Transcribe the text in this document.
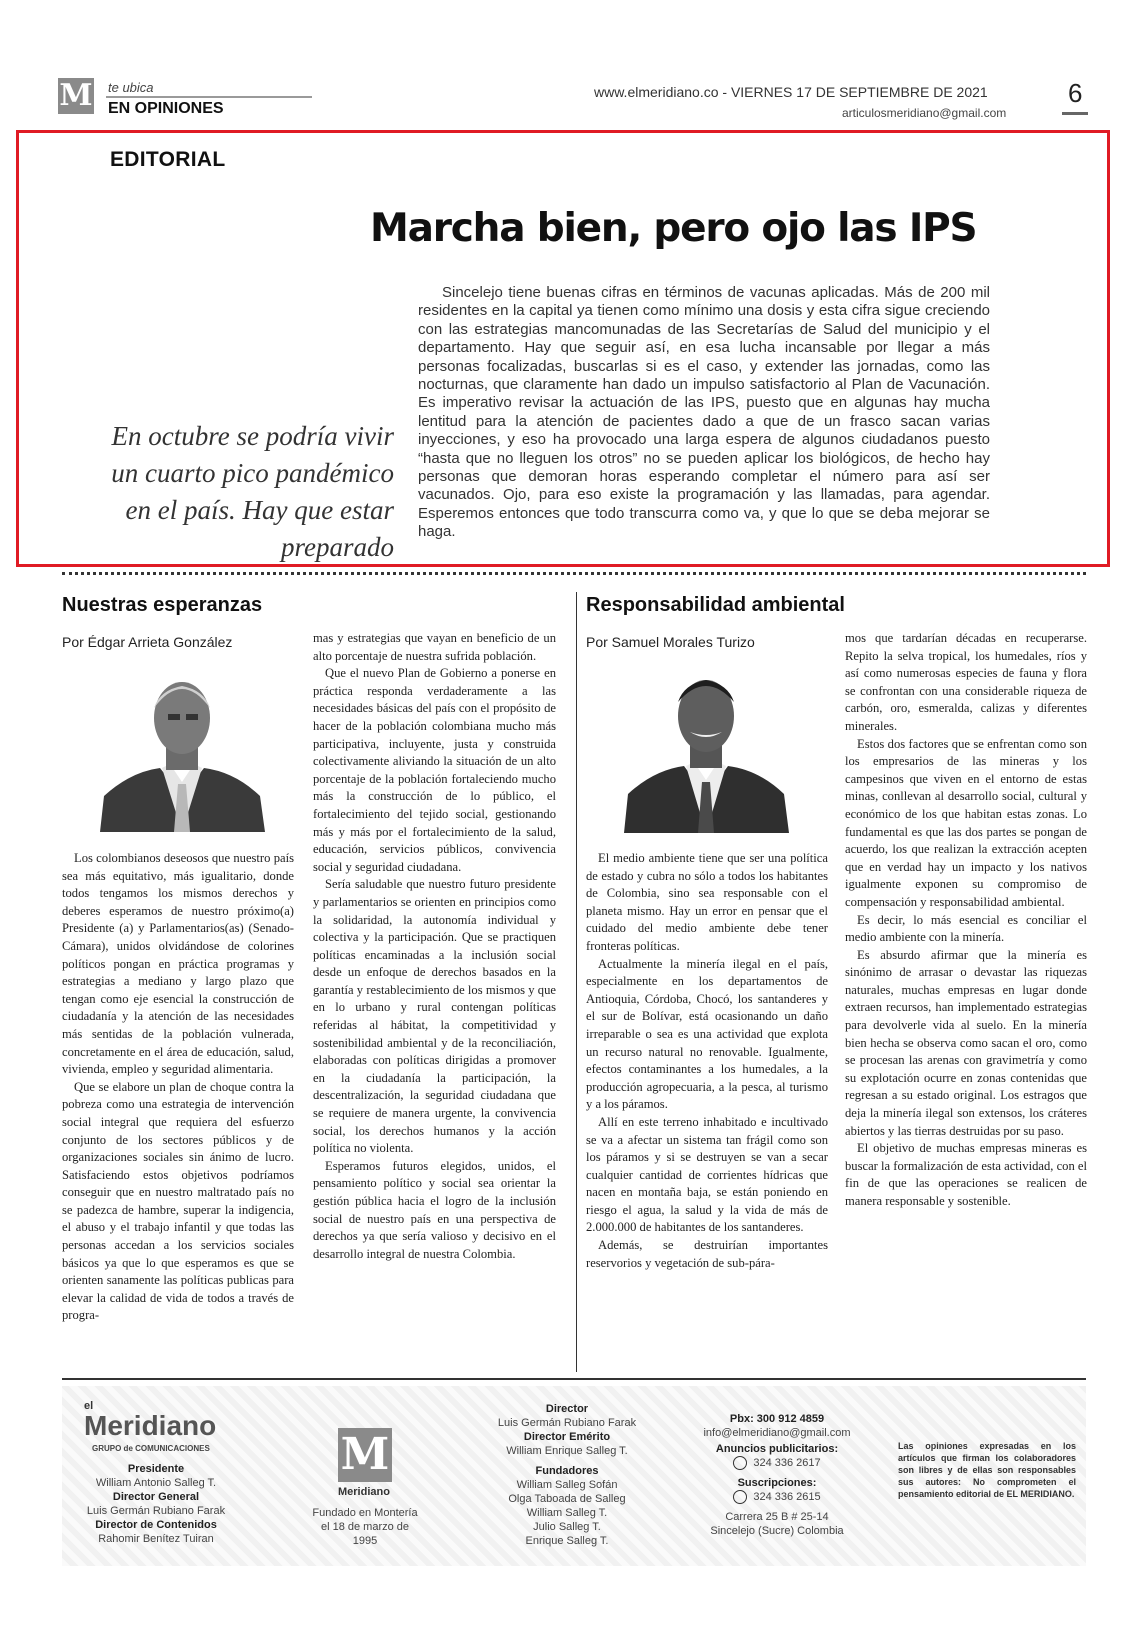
M te ubica
EN OPINIONES
www.elmeridiano.co - VIERNES 17 DE SEPTIEMBRE DE 2021
articulosmeridiano@gmail.com
6
EDITORIAL
Marcha bien, pero ojo las IPS

Sincelejo tiene buenas cifras en términos de vacunas aplicadas. Más de 200 mil residentes en la capital ya tienen como mínimo una dosis y esta cifra sigue creciendo con las estrategias mancomunadas de las Secretarías de Salud del municipio y el departamento. Hay que seguir así, en esa lucha incansable por llegar a más personas focalizadas, buscarlas si es el caso, y extender las jornadas, como las nocturnas, que claramente han dado un impulso satisfactorio al Plan de Vacunación. Es imperativo revisar la actuación de las IPS, puesto que en algunas hay mucha lentitud para la atención de pacientes dado a que de un frasco sacan varias inyecciones, y eso ha provocado una larga espera de algunos ciudadanos puesto “hasta que no lleguen los otros” no se pueden aplicar los biológicos, de hecho hay personas que demoran horas esperando completar el número para así ser vacunados. Ojo, para eso existe la programación y las llamadas, para agendar. Esperemos entonces que todo transcurra como va, y que lo que se deba mejorar se haga.

En octubre se podría vivir un cuarto pico pandémico en el país. Hay que estar preparado

Nuestras esperanzas
Por Édgar Arrieta González

Los colombianos deseosos que nuestro país sea más equitativo, más igualitario, donde todos tengamos los mismos derechos y deberes esperamos de nuestro próximo(a) Presidente (a) y Parlamentarios(as) (Senado-Cámara), unidos olvidándose de colorines políticos pongan en práctica programas y estrategias a mediano y largo plazo que tengan como eje esencial la construcción de ciudadanía y la atención de las necesidades más sentidas de la población vulnerada, concretamente en el área de educación, salud, vivienda, empleo y seguridad alimentaria.

Que se elabore un plan de choque contra la pobreza como una estrategia de intervención social integral que requiera del esfuerzo conjunto de los sectores públicos y de organizaciones sociales sin ánimo de lucro. Satisfaciendo estos objetivos podríamos conseguir que en nuestro maltratado país no se padezca de hambre, superar la indigencia, el abuso y el trabajo infantil y que todas las personas accedan a los servicios sociales básicos ya que lo que esperamos es que se orienten sanamente las políticas publicas para elevar la calidad de vida de todos a través de progra-

mas y estrategias que vayan en beneficio de un alto porcentaje de nuestra sufrida población.

Que el nuevo Plan de Gobierno a ponerse en práctica responda verdaderamente a las necesidades básicas del país con el propósito de hacer de la población colombiana mucho más participativa, incluyente, justa y construida colectivamente aliviando la situación de un alto porcentaje de la población fortaleciendo mucho más la construcción de lo público, el fortalecimiento del tejido social, gestionando más y más por el fortalecimiento de la salud, educación, servicios públicos, convivencia social y seguridad ciudadana.

Sería saludable que nuestro futuro presidente y parlamentarios se orienten en principios como la solidaridad, la autonomía individual y colectiva y la participación. Que se practiquen políticas encaminadas a la inclusión social desde un enfoque de derechos basados en la garantía y restablecimiento de los mismos y que en lo urbano y rural contengan políticas referidas al hábitat, la competitividad y sostenibilidad ambiental y de la reconciliación, elaboradas con políticas dirigidas a promover en la ciudadanía la participación, la descentralización, la seguridad ciudadana que se requiere de manera urgente, la convivencia social, los derechos humanos y la acción política no violenta.

Esperamos futuros elegidos, unidos, el pensamiento político y social sea orientar la gestión pública hacia el logro de la inclusión social de nuestro país en una perspectiva de derechos ya que sería valioso y decisivo en el desarrollo integral de nuestra Colombia.

Responsabilidad ambiental
Por Samuel Morales Turizo

El medio ambiente tiene que ser una política de estado y cubra no sólo a todos los habitantes de Colombia, sino sea responsable con el planeta mismo. Hay un error en pensar que el cuidado del medio ambiente debe tener fronteras políticas.

Actualmente la minería ilegal en el país, especialmente en los departamentos de Antioquia, Córdoba, Chocó, los santanderes y el sur de Bolívar, está ocasionando un daño irreparable o sea es una actividad que explota un recurso natural no renovable. Igualmente, efectos contaminantes a los humedales, a la producción agropecuaria, a la pesca, al turismo y a los páramos.

Allí en este terreno inhabitado e incultivado se va a afectar un sistema tan frágil como son los páramos y si se destruyen se van a secar cualquier cantidad de corrientes hídricas que nacen en montaña baja, se están poniendo en riesgo el agua, la salud y la vida de más de 2.000.000 de habitantes de los santanderes.

Además, se destruirían importantes reservorios y vegetación de sub-pára-

mos que tardarían décadas en recuperarse. Repito la selva tropical, los humedales, ríos y así como numerosas especies de fauna y flora se confrontan con una considerable riqueza de carbón, oro, esmeralda, calizas y diferentes minerales.

Estos dos factores que se enfrentan como son los empresarios de las mineras y los campesinos que viven en el entorno de estas minas, conllevan al desarrollo social, cultural y económico de los que habitan estas zonas. Lo fundamental es que las dos partes se pongan de acuerdo, los que realizan la extracción acepten que en verdad hay un impacto y los nativos igualmente exponen su compromiso de compensación y responsabilidad ambiental.

Es decir, lo más esencial es conciliar el medio ambiente con la minería.

Es absurdo afirmar que la minería es sinónimo de arrasar o devastar las riquezas naturales, muchas empresas en lugar donde extraen recursos, han implementado estrategias para devolverle vida al suelo. En la minería bien hecha se observa como sacan el oro, como se procesan las arenas con gravimetría y como su explotación ocurre en zonas contenidas que regresan a su estado original. Los estragos que deja la minería ilegal son extensos, los cráteres abiertos y las tierras destruidas por su paso.

El objetivo de muchas empresas mineras es buscar la formalización de esta actividad, con el fin de que las operaciones se realicen de manera responsable y sostenible.

el
Meridiano
GRUPO de COMUNICACIONES
Presidente
William Antonio Salleg T.
Director General
Luis Germán Rubiano Farak
Director de Contenidos
Rahomir Benítez Tuiran
M
Meridiano
Fundado en Montería el 18 de marzo de 1995
Director
Luis Germán Rubiano Farak
Director Emérito
William Enrique Salleg T.
Fundadores
William Salleg Sofán
Olga Taboada de Salleg
William Salleg T.
Julio Salleg T.
Enrique Salleg T.
Pbx: 300 912 4859
info@elmeridiano@gmail.com
Anuncios publicitarios:
324 336 2617
Suscripciones:
324 336 2615
Carrera 25 B # 25-14
Sincelejo (Sucre) Colombia
Las opiniones expresadas en los artículos que firman los colaboradores son libres y de ellas son responsables sus autores: No comprometen el pensamiento editorial de EL MERIDIANO.
